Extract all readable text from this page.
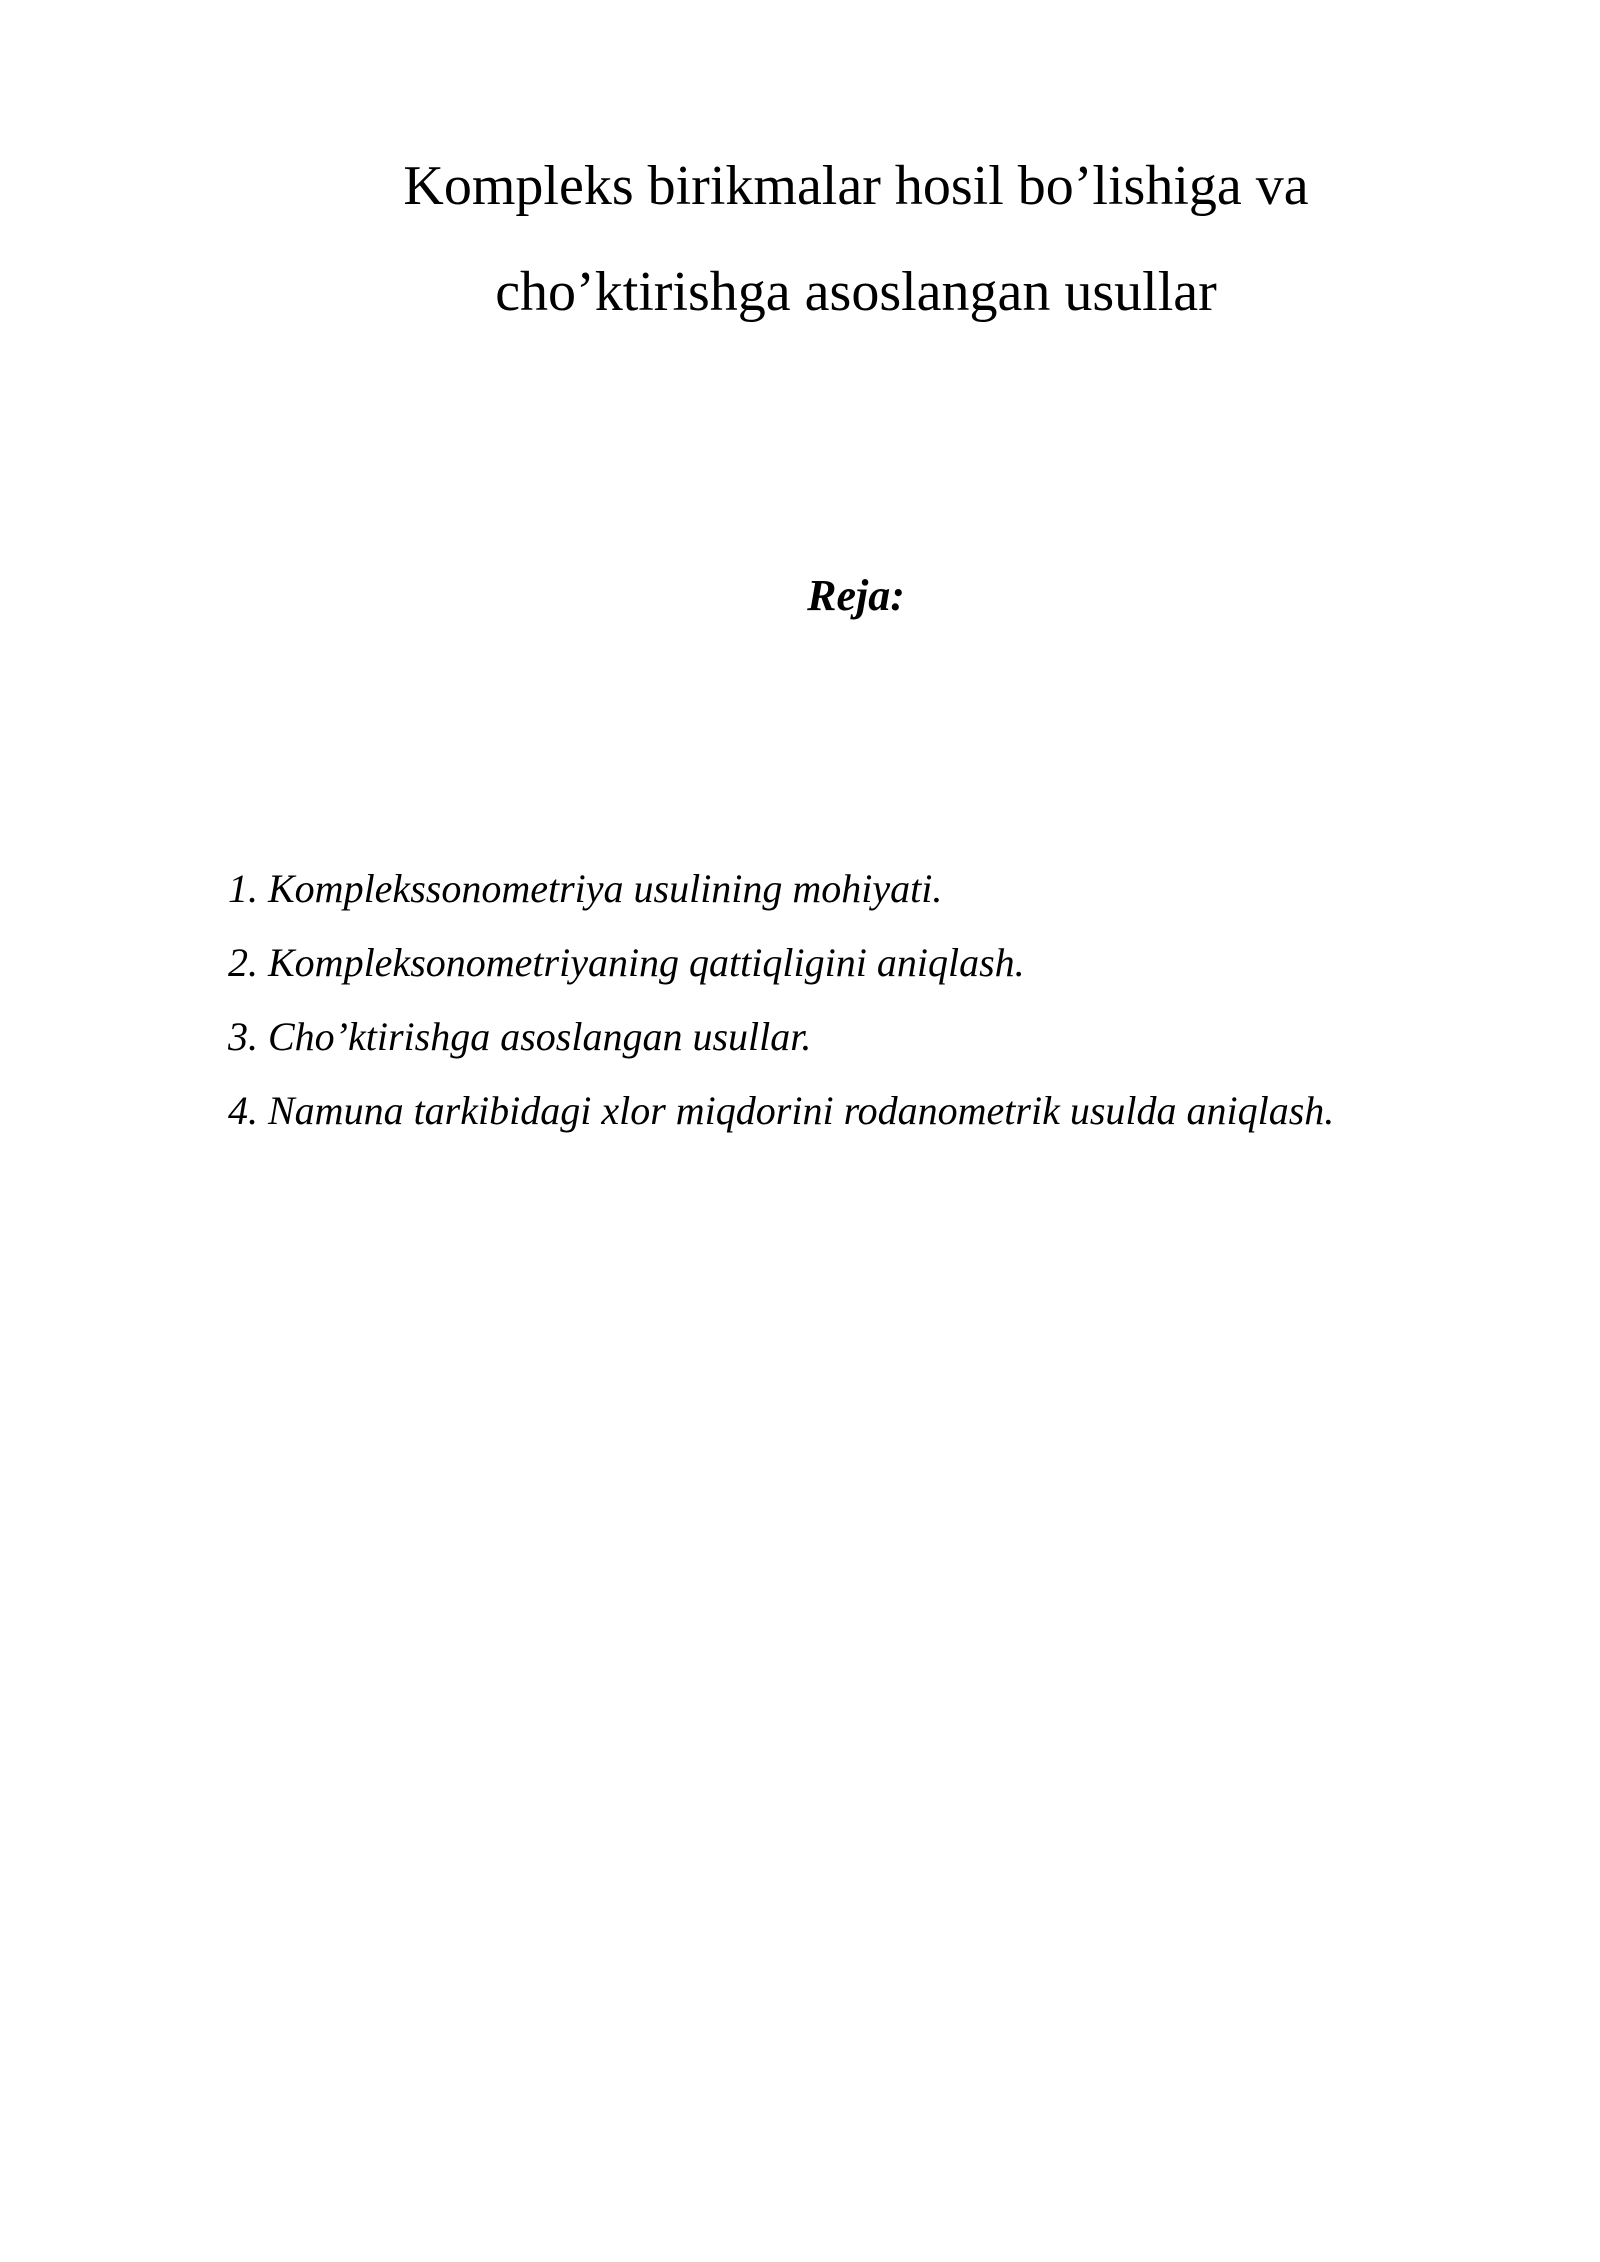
Kompleks birikmalar hosil bo’lishiga va
cho’ktirishga asoslangan usullar
Reja:
1. Komplekssonometriya usulining mohiyati.
2. Kompleksonometriyaning qattiqligini aniqlash.
3. Cho’ktirishga asoslangan usullar.
4. Namuna tarkibidagi xlor miqdorini rodanometrik usulda aniqlash.
